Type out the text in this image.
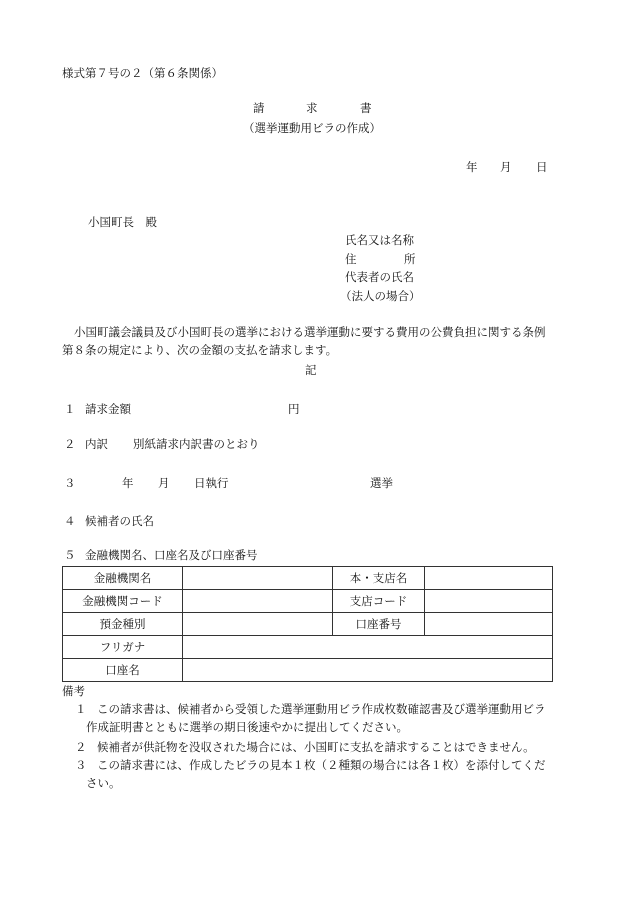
様式第７号の２（第６条関係）
請	求	書
（選挙運動用ビラの作成）
年 月 日
小国町長　殿
氏名又は名称
住	所
代表者の氏名
（法人の場合）
小国町議会議員及び小国町長の選挙における選挙運動に要する費用の公費負担に関する条例
第８条の規定により、次の金額の支払を請求します。
記
１ 請求金額	円
２ 内訳 別紙請求内訳書のとおり
３	年 月 日執行	選挙
４ 候補者の氏名
５ 金融機関名、口座名及び口座番号
金融機関名		本・支店名	
金融機関コード		支店コード	
預金種別		口座番号	
フリガナ			
口座名			
備考
１ この請求書は、候補者から受領した選挙運動用ビラ作成枚数確認書及び選挙運動用ビラ
作成証明書とともに選挙の期日後速やかに提出してください。
２ 候補者が供託物を没収された場合には、小国町に支払を請求することはできません。
３ この請求書には、作成したビラの見本１枚（２種類の場合には各１枚）を添付してくだ
さい。
